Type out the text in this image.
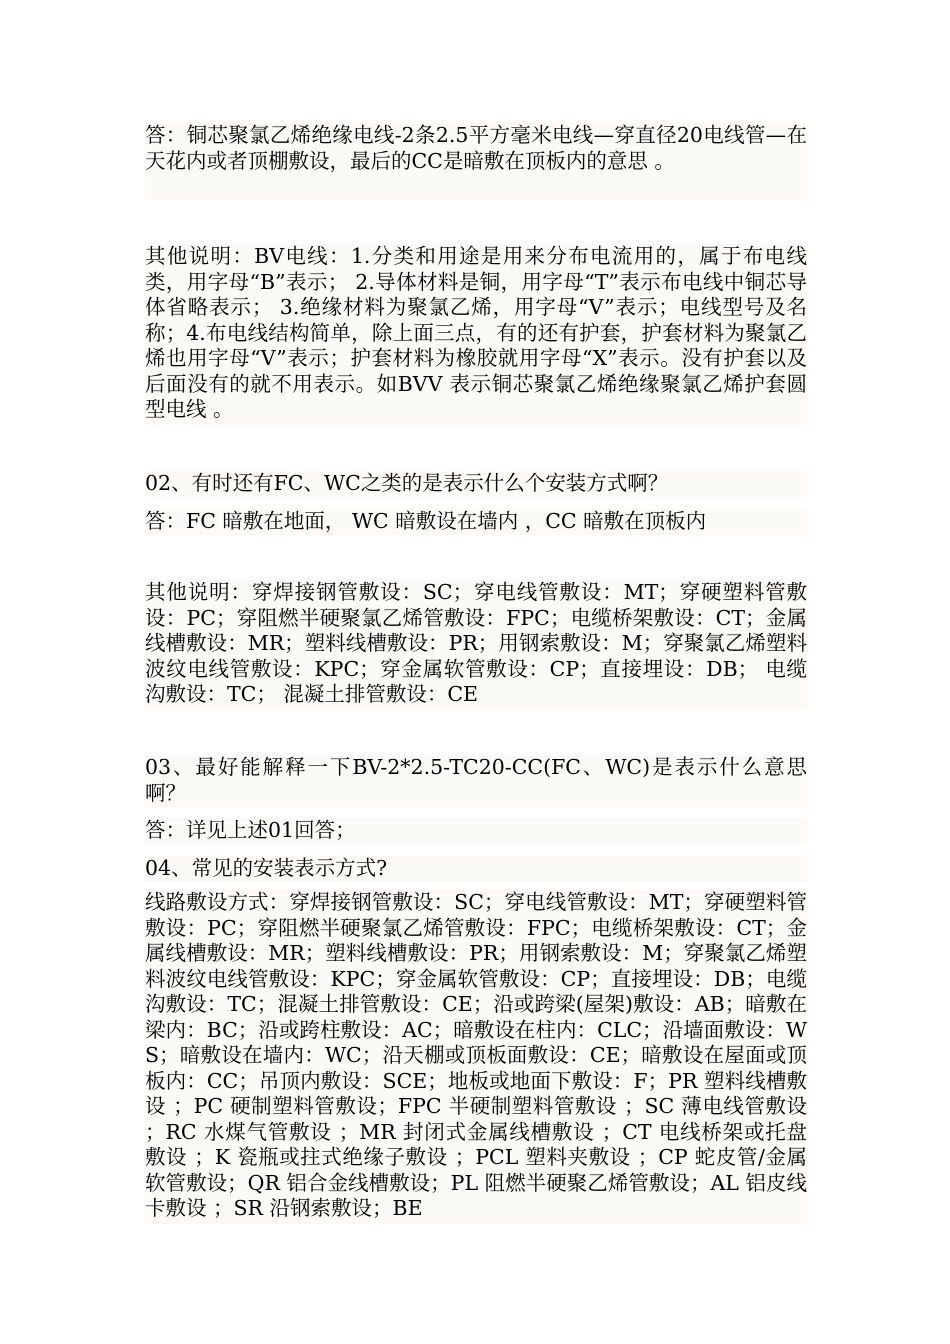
答：铜芯聚氯乙烯绝缘电线-2条2.5平方毫米电线—穿直径20电线管—在天花内或者顶棚敷设，最后的CC是暗敷在顶板内的意思 。

其他说明：BV电线：1.分类和用途是用来分布电流用的，属于布电线类，用字母“B”表示； 2.导体材料是铜，用字母“T”表示布电线中铜芯导体省略表示； 3.绝缘材料为聚氯乙烯，用字母“V”表示；电线型号及名称；4.布电线结构简单，除上面三点，有的还有护套，护套材料为聚氯乙烯也用字母“V”表示；护套材料为橡胶就用字母“X”表示。没有护套以及后面没有的就不用表示。如BVV 表示铜芯聚氯乙烯绝缘聚氯乙烯护套圆型电线 。

02、有时还有FC、WC之类的是表示什么个安装方式啊？

答：FC 暗敷在地面， WC 暗敷设在墙内 ，CC 暗敷在顶板内

其他说明：穿焊接钢管敷设：SC；穿电线管敷设：MT；穿硬塑料管敷设：PC；穿阻燃半硬聚氯乙烯管敷设：FPC；电缆桥架敷设：CT；金属线槽敷设：MR；塑料线槽敷设：PR；用钢索敷设：M；穿聚氯乙烯塑料波纹电线管敷设：KPC；穿金属软管敷设：CP；直接埋设：DB； 电缆沟敷设：TC； 混凝土排管敷设：CE

03、最好能解释一下BV-2*2.5-TC20-CC(FC、WC)是表示什么意思啊？

答：详见上述01回答；

04、常见的安装表示方式?

线路敷设方式：穿焊接钢管敷设：SC；穿电线管敷设：MT；穿硬塑料管敷设：PC；穿阻燃半硬聚氯乙烯管敷设：FPC；电缆桥架敷设：CT；金属线槽敷设：MR；塑料线槽敷设：PR；用钢索敷设：M；穿聚氯乙烯塑料波纹电线管敷设：KPC；穿金属软管敷设：CP；直接埋设：DB；电缆沟敷设：TC；混凝土排管敷设：CE；沿或跨梁(屋架)敷设：AB；暗敷在梁内：BC；沿或跨柱敷设：AC；暗敷设在柱内：CLC；沿墙面敷设：WS；暗敷设在墙内：WC；沿天棚或顶板面敷设：CE；暗敷设在屋面或顶板内：CC；吊顶内敷设：SCE；地板或地面下敷设：F；PR 塑料线槽敷设 ；PC 硬制塑料管敷设；FPC 半硬制塑料管敷设 ；SC 薄电线管敷设 ；RC 水煤气管敷设 ；MR 封闭式金属线槽敷设 ；CT 电线桥架或托盘敷设 ；K 瓷瓶或拄式绝缘子敷设 ；PCL 塑料夹敷设 ；CP 蛇皮管/金属软管敷设；QR 铝合金线槽敷设；PL 阻燃半硬聚乙烯管敷设；AL 铝皮线卡敷设 ；SR 沿钢索敷设；BE
